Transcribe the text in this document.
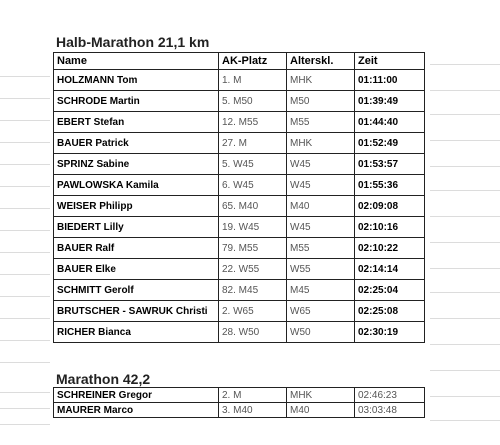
Halb-Marathon 21,1 km
Name	AK-Platz	Alterskl.	Zeit
HOLZMANN Tom	1. M	MHK	01:11:00
SCHRODE Martin	5. M50	M50	01:39:49
EBERT Stefan	12. M55	M55	01:44:40
BAUER Patrick	27. M	MHK	01:52:49
SPRINZ Sabine	5. W45	W45	01:53:57
PAWLOWSKA Kamila	6. W45	W45	01:55:36
WEISER Philipp	65. M40	M40	02:09:08
BIEDERT Lilly	19. W45	W45	02:10:16
BAUER Ralf	79. M55	M55	02:10:22
BAUER Elke	22. W55	W55	02:14:14
SCHMITT Gerolf	82. M45	M45	02:25:04
BRUTSCHER - SAWRUK Christi	2. W65	W65	02:25:08
RICHER Bianca	28. W50	W50	02:30:19
Marathon 42,2
SCHREINER Gregor	2. M	MHK	02:46:23
MAURER Marco	3. M40	M40	03:03:48
